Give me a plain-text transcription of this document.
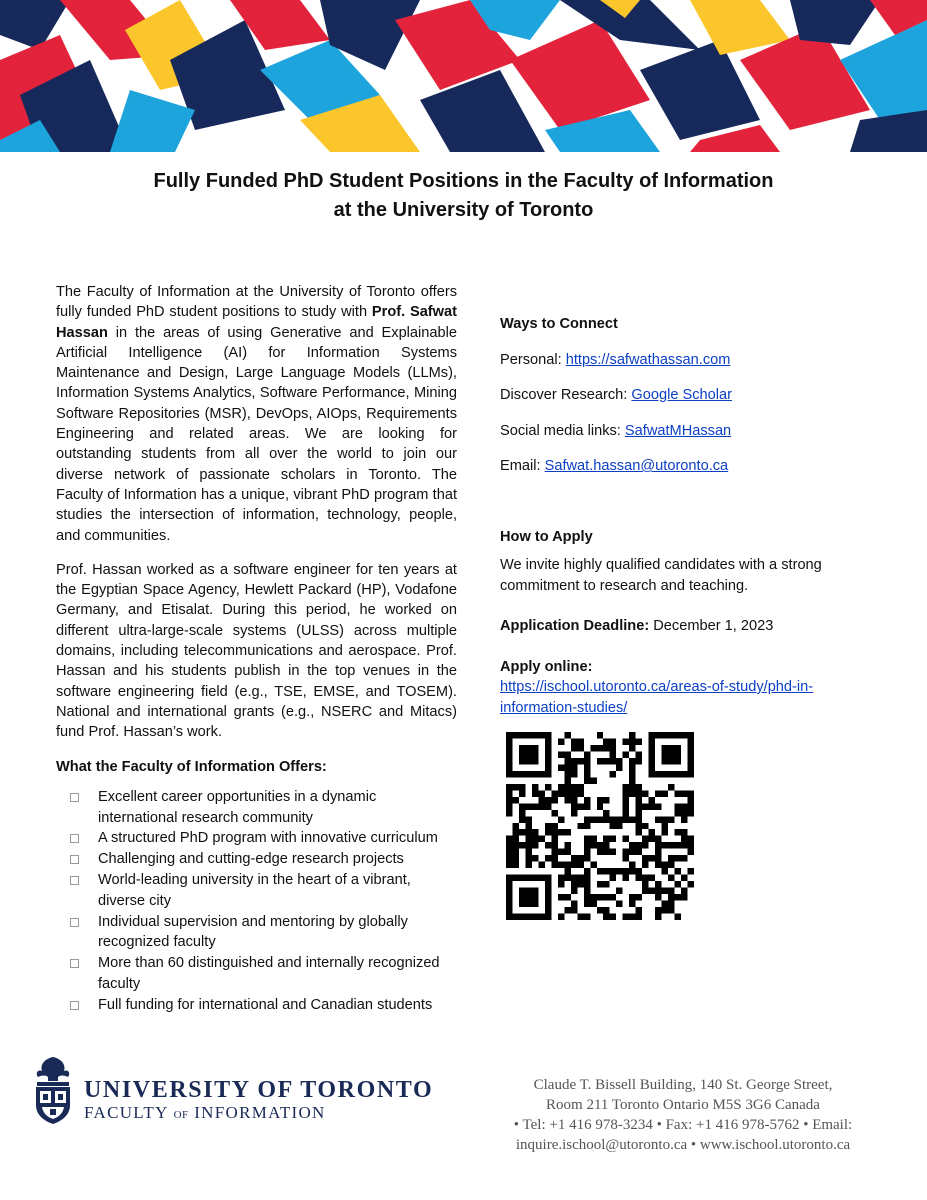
Fully Funded PhD Student Positions in the Faculty of Information
at the University of Toronto

The Faculty of Information at the University of Toronto offers fully funded PhD student positions to study with Prof. Safwat Hassan in the areas of using Generative and Explainable Artificial Intelligence (AI) for Information Systems Maintenance and Design, Large Language Models (LLMs), Information Systems Analytics, Software Performance, Mining Software Repositories (MSR), DevOps, AIOps, Requirements Engineering and related areas. We are looking for outstanding students from all over the world to join our diverse network of passionate scholars in Toronto. The Faculty of Information has a unique, vibrant PhD program that studies the intersection of information, technology, people, and communities.

Prof. Hassan worked as a software engineer for ten years at the Egyptian Space Agency, Hewlett Packard (HP), Vodafone Germany, and Etisalat. During this period, he worked on different ultra-large-scale systems (ULSS) across multiple domains, including telecommunications and aerospace. Prof. Hassan and his students publish in the top venues in the software engineering field (e.g., TSE, EMSE, and TOSEM). National and international grants (e.g., NSERC and Mitacs) fund Prof. Hassan’s work.

What the Faculty of Information Offers:
Excellent career opportunities in a dynamic international research community
A structured PhD program with innovative curriculum
Challenging and cutting-edge research projects
World-leading university in the heart of a vibrant, diverse city
Individual supervision and mentoring by globally recognized faculty
More than 60 distinguished and internally recognized faculty
Full funding for international and Canadian students
Ways to Connect
Personal: https://safwathassan.com
Discover Research: Google Scholar
Social media links: SafwatMHassan
Email: Safwat.hassan@utoronto.ca
How to Apply
We invite highly qualified candidates with a strong commitment to research and teaching.
Application Deadline: December 1, 2023
Apply online:
https://ischool.utoronto.ca/areas-of-study/phd-in-
information-studies/
UNIVERSITY OF TORONTO
FACULTY OF INFORMATION
Claude T. Bissell Building, 140 St. George Street,
Room 211 Toronto Ontario M5S 3G6 Canada
• Tel: +1 416 978-3234 • Fax: +1 416 978-5762 • Email:
inquire.ischool@utoronto.ca • www.ischool.utoronto.ca
